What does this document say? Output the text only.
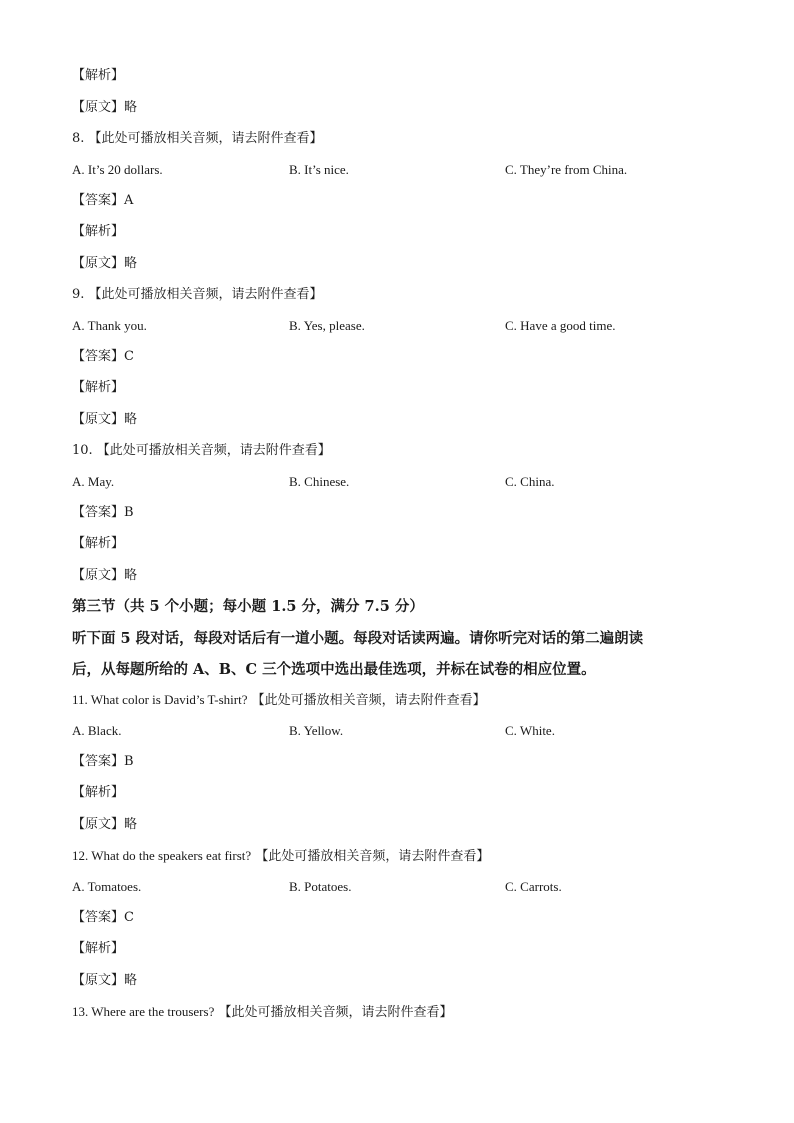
【解析】
【原文】略
8. 【此处可播放相关音频，请去附件查看】
A. It’s 20 dollars.	B. It’s nice.	C. They’re from China.
【答案】A
【解析】
【原文】略
9. 【此处可播放相关音频，请去附件查看】
A. Thank you.	B. Yes, please.	C. Have a good time.
【答案】C
【解析】
【原文】略
10. 【此处可播放相关音频，请去附件查看】
A. May.	B. Chinese.	C. China.
【答案】B
【解析】
【原文】略
第三节（共 5 个小题；每小题 1.5 分，满分 7.5 分）
听下面 5 段对话，每段对话后有一道小题。每段对话读两遍。请你听完对话的第二遍朗读
后，从每题所给的 A、B、C 三个选项中选出最佳选项，并标在试卷的相应位置。
11. What color is David’s T-shirt? 【此处可播放相关音频，请去附件查看】
A. Black.	B. Yellow.	C. White.
【答案】B
【解析】
【原文】略
12. What do the speakers eat first? 【此处可播放相关音频，请去附件查看】
A. Tomatoes.	B. Potatoes.	C. Carrots.
【答案】C
【解析】
【原文】略
13. Where are the trousers? 【此处可播放相关音频，请去附件查看】
